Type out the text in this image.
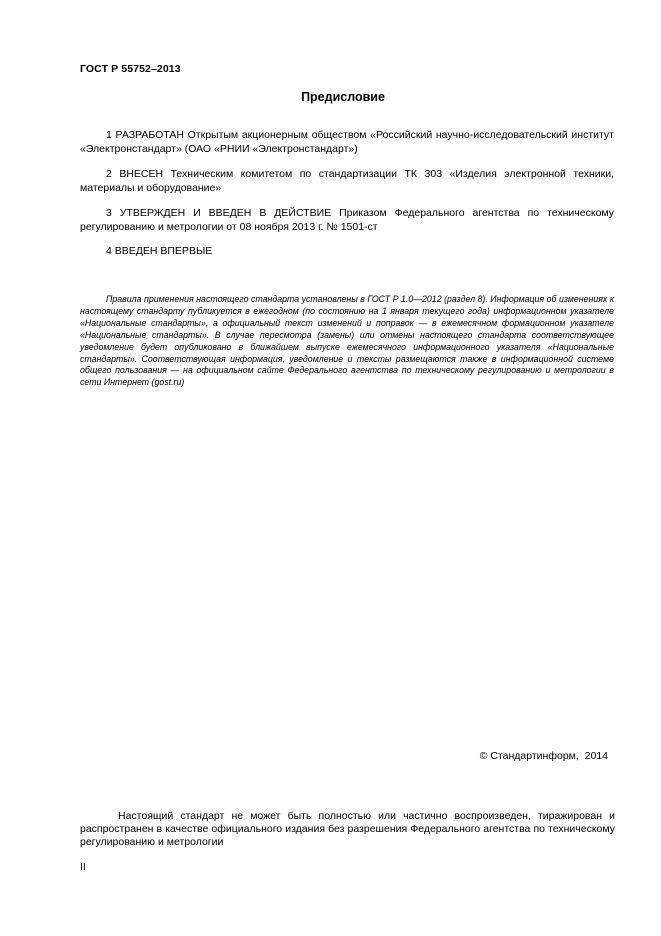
ГОСТ Р 55752–2013
Предисловие
1 РАЗРАБОТАН Открытым акционерным обществом «Российский научно-исследовательский институт «Электронстандарт» (ОАО «РНИИ «Электронстандарт»)
2 ВНЕСЕН Техническим комитетом по стандартизации ТК 303 «Изделия электронной техники, материалы и оборудование»
3 УТВЕРЖДЕН И ВВЕДЕН В ДЕЙСТВИЕ Приказом Федерального агентства по техническому регулированию и метрологии от 08 ноября 2013 г. № 1501-ст
4 ВВЕДЕН ВПЕРВЫЕ
Правила применения настоящего стандарта установлены в ГОСТ Р 1.0—2012 (раздел 8). Информация об изменениях к настоящему стандарту публикуется в ежегодном (по состоянию на 1 января текущего года) информационном указателе «Национальные стандарты», а официальный текст изменений и поправок — в ежемесячном формационном указателе «Национальные стандарты». В случае пересмотра (замены) или отмены настоящего стандарта соответствующее уведомление будет опубликовано в ближайшем выпуске ежемесячного информационного указателя «Национальные стандарты». Соответствующая информация, уведомление и тексты размещаются также в информационной системе общего пользования — на официальном сайте Федерального агентства по техническому регулированию и метрологии в сети Интернет (gost.ru)
© Стандартинформ,  2014
Настоящий стандарт не может быть полностью или частично воспроизведен, тиражирован и распространен в качестве официального издания без разрешения Федерального агентства по техническому регулированию и метрологии
II
